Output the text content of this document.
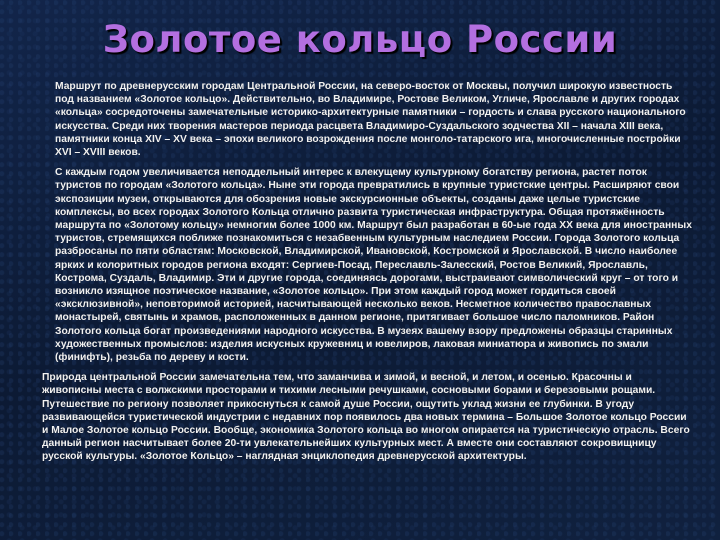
Золотое кольцо России

Маршрут по древнерусским городам Центральной России, на северо-восток от Москвы, получил широкую известность под названием «Золотое кольцо». Действительно, во Владимире, Ростове Великом, Угличе, Ярославле и других городах «кольца» сосредоточены замечательные историко-архитектурные памятники – гордость и слава русского национального искусства. Среди них творения мастеров периода расцвета Владимиро-Суздальского зодчества XII – начала XIII века, памятники конца XIV – XV века – эпохи великого возрождения после монголо-татарского ига, многочисленные постройки XVI – XVIII веков.

С каждым годом увеличивается неподдельный интерес к влекущему культурному богатству региона, растет поток туристов по городам «Золотого кольца». Ныне эти города превратились в крупные туристские центры. Расширяют свои экспозиции музеи, открываются для обозрения новые экскурсионные объекты, созданы даже целые туристские комплексы, во всех городах Золотого Кольца отлично развита туристическая инфраструктура. Общая протяжённость маршрута по «Золотому кольцу» немногим более 1000 км. Маршрут был разработан в 60-ые года XX века для иностранных туристов, стремящихся поближе познакомиться с незабвенным культурным наследием России. Города Золотого кольца разбросаны по пяти областям: Московской, Владимирской, Ивановской, Костромской и Ярославской. В число наиболее ярких и колоритных городов региона входят: Сергиев-Посад, Переславль-Залесский, Ростов Великий, Ярославль, Кострома, Суздаль, Владимир. Эти и другие города, соединяясь дорогами, выстраивают символический круг – от того и возникло изящное поэтическое название, «Золотое кольцо». При этом каждый город может гордиться своей «эксклюзивной», неповторимой историей, насчитывающей несколько веков. Несметное количество православных монастырей, святынь и храмов, расположенных в данном регионе, притягивает большое число паломников. Район Золотого кольца богат произведениями народного искусства. В музеях вашему взору предложены образцы старинных художественных промыслов: изделия искусных кружевниц и ювелиров, лаковая миниатюра и живопись по эмали (финифть), резьба по дереву и кости.

Природа центральной России замечательна тем, что заманчива и зимой, и весной, и летом, и осенью. Красочны и живописны места с волжскими просторами и тихими лесными речушками, сосновыми борами и березовыми рощами. Путешествие по региону позволяет прикоснуться к самой душе России, ощутить уклад жизни ее глубинки. В угоду развивающейся туристической индустрии с недавних пор появилось два новых термина – Большое Золотое кольцо России и Малое Золотое кольцо России. Вообще, экономика Золотого кольца во многом опирается на туристическую отрасль. Всего данный регион насчитывает более 20-ти увлекательнейших культурных мест. А вместе они составляют сокровищницу русской культуры. «Золотое Кольцо» – наглядная энциклопедия древнерусской архитектуры.
